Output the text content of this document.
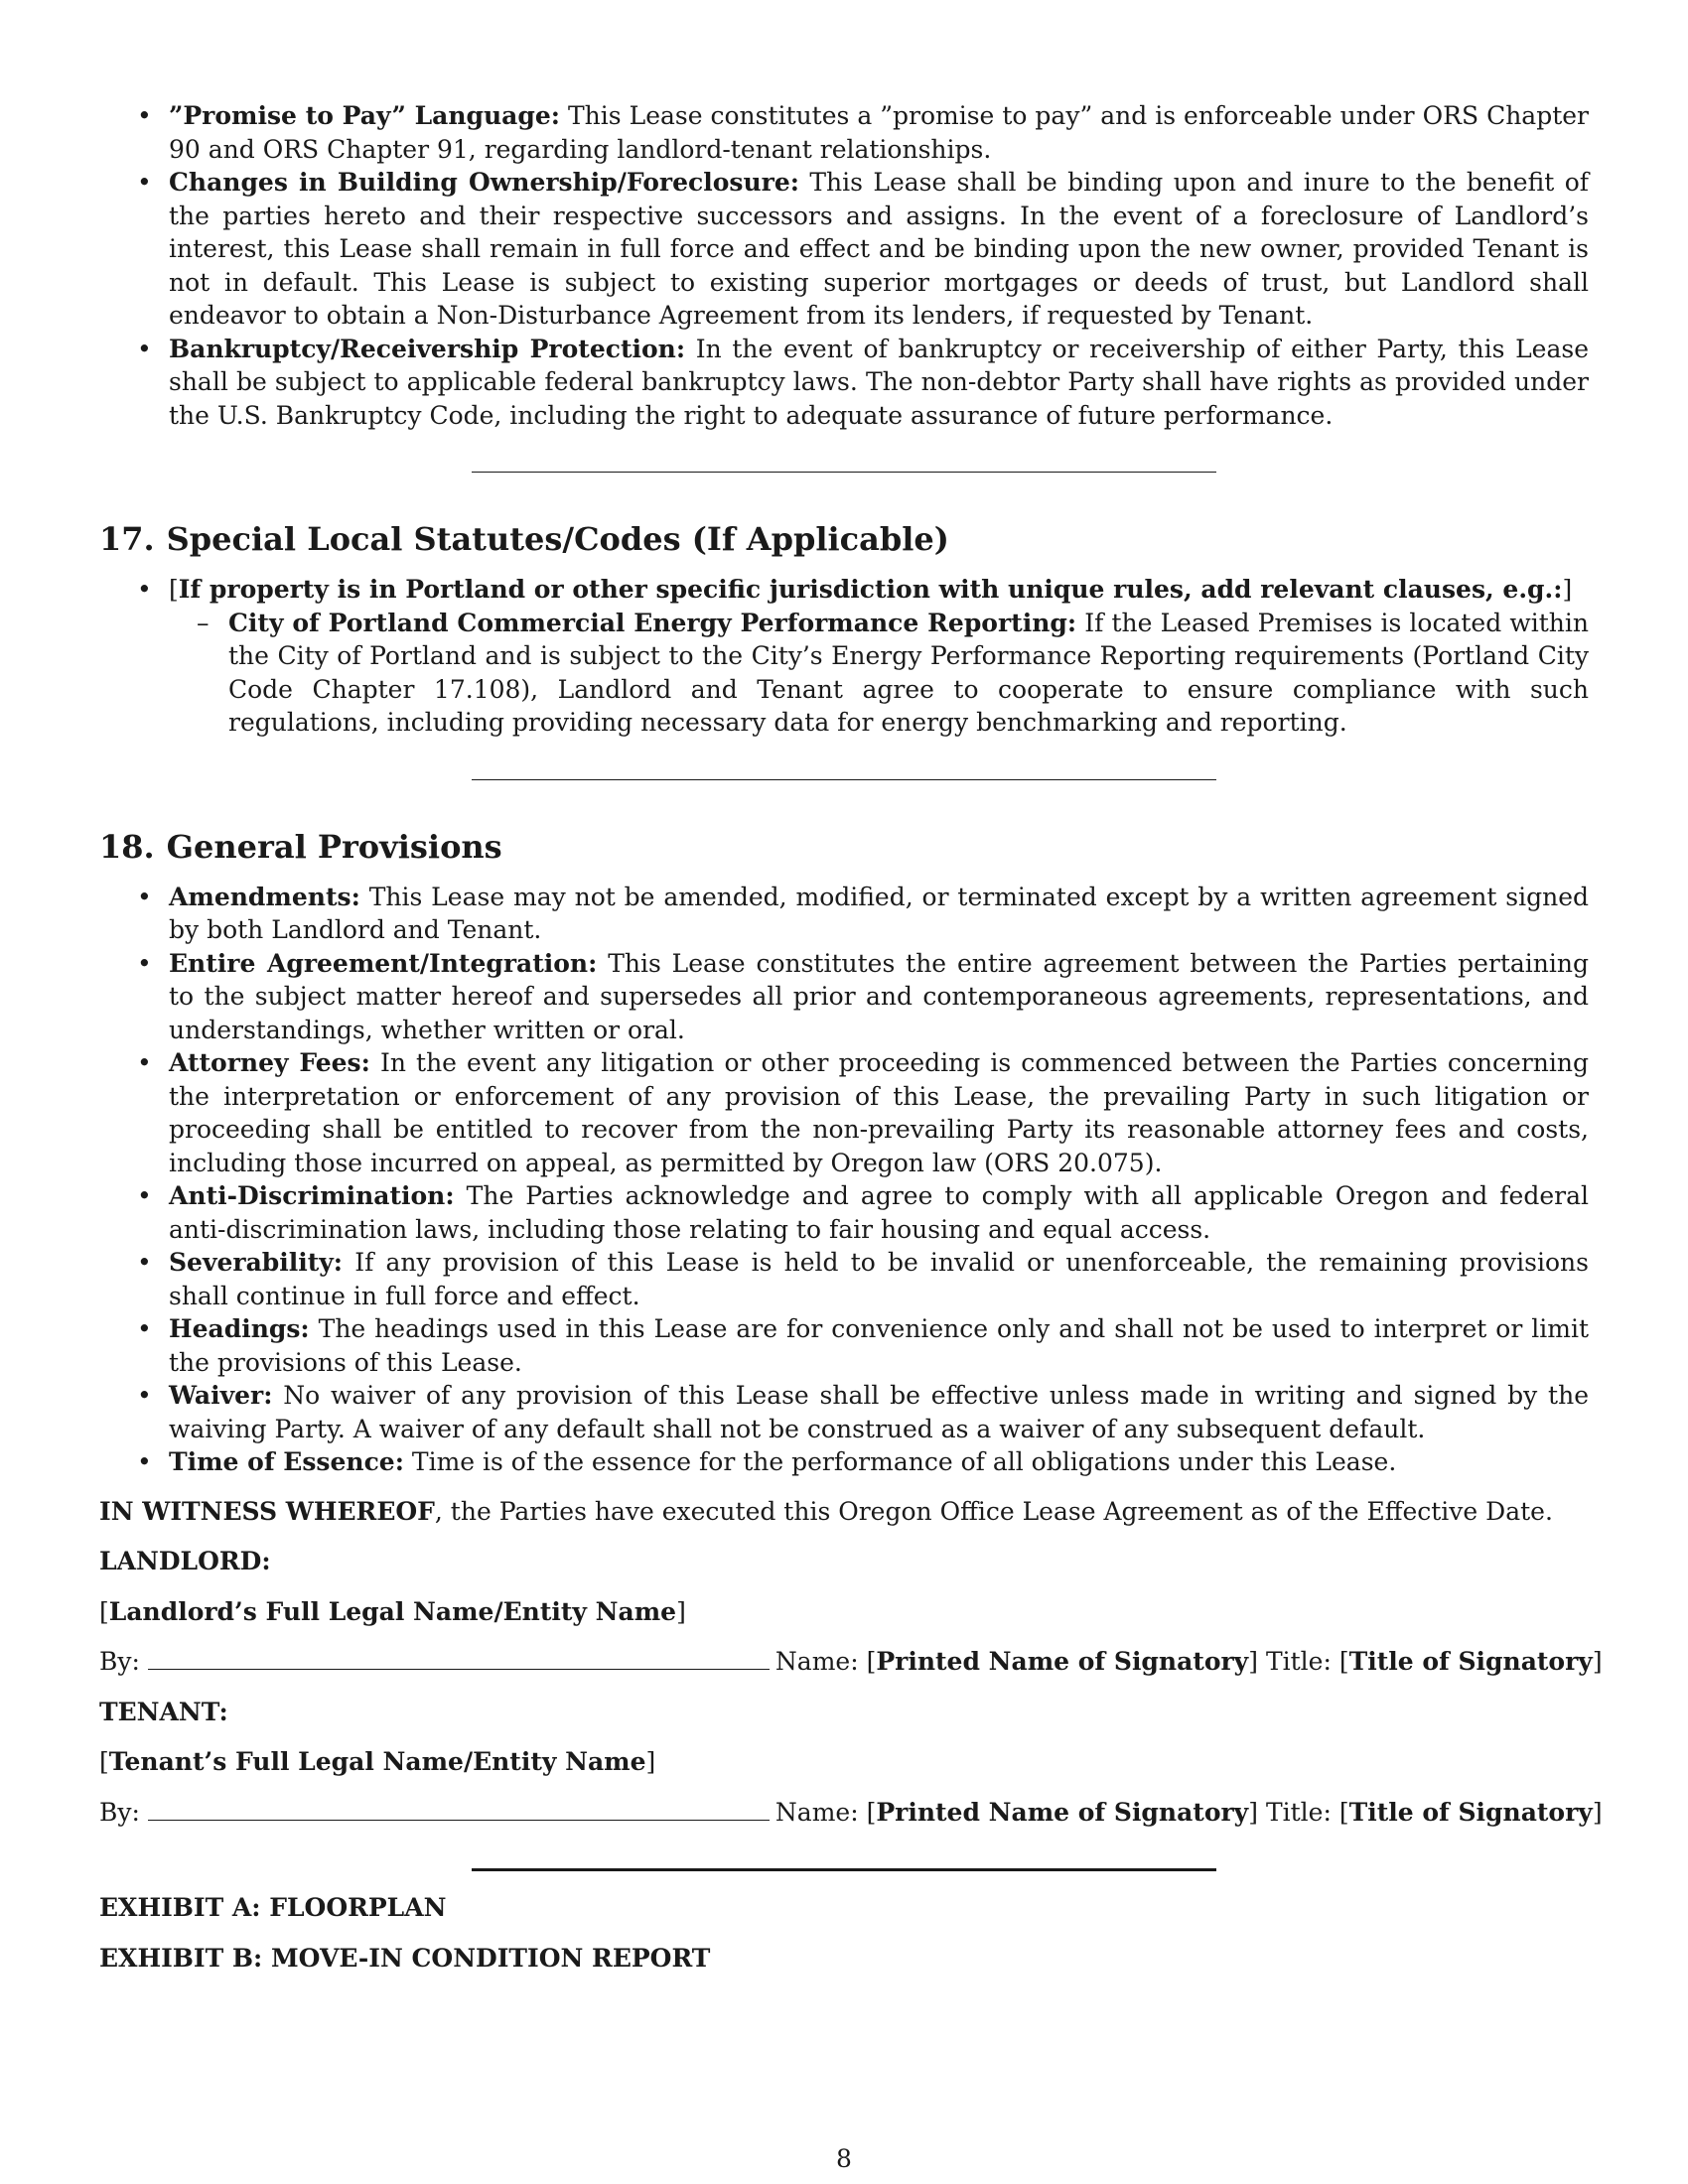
• ”Promise to Pay” Language: This Lease constitutes a ”promise to pay” and is enforceable under ORS Chapter 90 and ORS Chapter 91, regarding landlord-tenant relationships.
• Changes in Building Ownership/Foreclosure: This Lease shall be binding upon and inure to the benefit of the parties hereto and their respective successors and assigns. In the event of a foreclosure of Landlord’s interest, this Lease shall remain in full force and effect and be binding upon the new owner, provided Tenant is not in default. This Lease is subject to existing superior mortgages or deeds of trust, but Landlord shall endeavor to obtain a Non-Disturbance Agreement from its lenders, if requested by Tenant.
• Bankruptcy/Receivership Protection: In the event of bankruptcy or receivership of either Party, this Lease shall be subject to applicable federal bankruptcy laws. The non-debtor Party shall have rights as provided under the U.S. Bankruptcy Code, including the right to adequate assurance of future performance.
17. Special Local Statutes/Codes (If Applicable)
• [If property is in Portland or other specific jurisdiction with unique rules, add relevant clauses, e.g.:]
– City of Portland Commercial Energy Performance Reporting: If the Leased Premises is located within the City of Portland and is subject to the City’s Energy Performance Reporting requirements (Portland City Code Chapter 17.108), Landlord and Tenant agree to cooperate to ensure compliance with such regulations, including providing necessary data for energy benchmarking and reporting.
18. General Provisions
• Amendments: This Lease may not be amended, modified, or terminated except by a written agreement signed by both Landlord and Tenant.
• Entire Agreement/Integration: This Lease constitutes the entire agreement between the Parties pertaining to the subject matter hereof and supersedes all prior and contemporaneous agreements, representations, and understandings, whether written or oral.
• Attorney Fees: In the event any litigation or other proceeding is commenced between the Parties concerning the interpretation or enforcement of any provision of this Lease, the prevailing Party in such litigation or proceeding shall be entitled to recover from the non-prevailing Party its reasonable attorney fees and costs, including those incurred on appeal, as permitted by Oregon law (ORS 20.075).
• Anti-Discrimination: The Parties acknowledge and agree to comply with all applicable Oregon and federal anti-discrimination laws, including those relating to fair housing and equal access.
• Severability: If any provision of this Lease is held to be invalid or unenforceable, the remaining provisions shall continue in full force and effect.
• Headings: The headings used in this Lease are for convenience only and shall not be used to interpret or limit the provisions of this Lease.
• Waiver: No waiver of any provision of this Lease shall be effective unless made in writing and signed by the waiving Party. A waiver of any default shall not be construed as a waiver of any subsequent default.
• Time of Essence: Time is of the essence for the performance of all obligations under this Lease.

IN WITNESS WHEREOF, the Parties have executed this Oregon Office Lease Agreement as of the Effective Date.

LANDLORD:

[Landlord’s Full Legal Name/Entity Name]

By:	Name: [Printed Name of Signatory] Title: [Title of Signatory]

TENANT:

[Tenant’s Full Legal Name/Entity Name]

By:	Name: [Printed Name of Signatory] Title: [Title of Signatory]

EXHIBIT A: FLOORPLAN

EXHIBIT B: MOVE-IN CONDITION REPORT

8
